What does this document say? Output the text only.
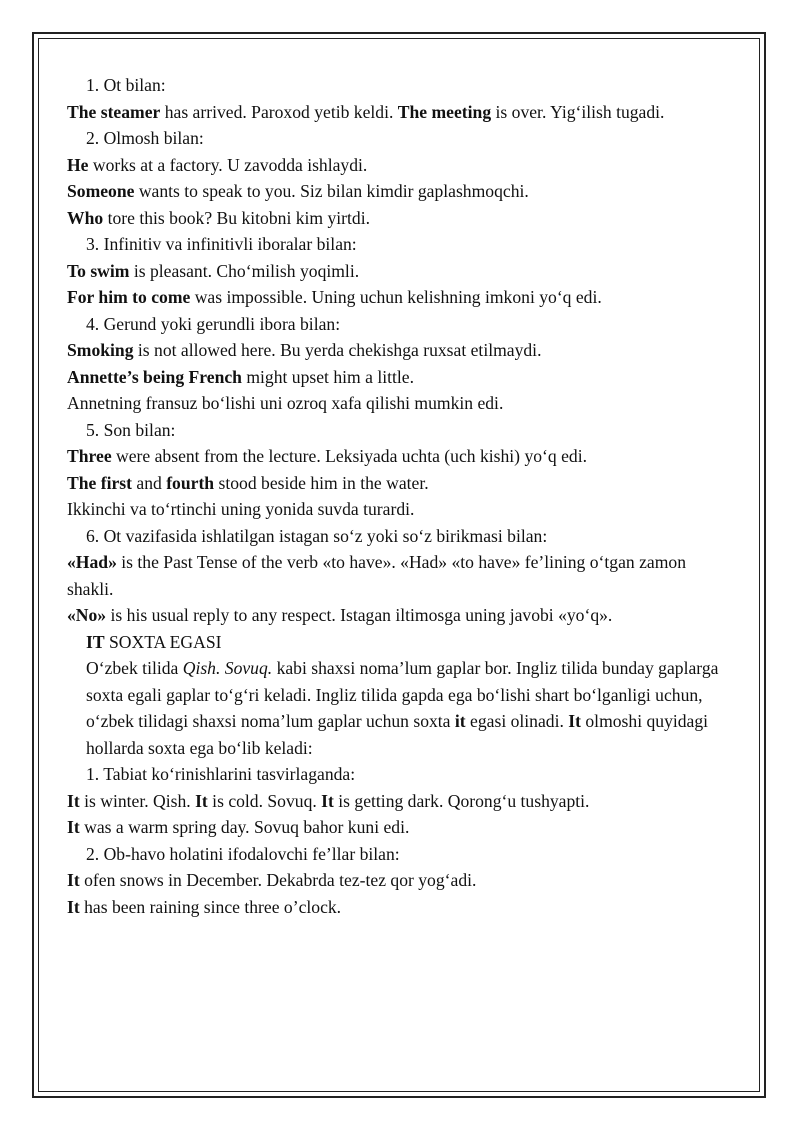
1. Ot bilan:

The steamer has arrived. Paroxod yetib keldi. The meeting is over. Yig‘ilish tugadi.

2. Olmosh bilan:

He works at a factory. U zavodda ishlaydi.

Someone wants to speak to you. Siz bilan kimdir gaplashmoqchi.

Who tore this book? Bu kitobni kim yirtdi.

3. Infinitiv va infinitivli iboralar bilan:

To swim is pleasant. Cho‘milish yoqimli.

For him to come was impossible. Uning uchun kelishning imkoni yo‘q edi.

4. Gerund yoki gerundli ibora bilan:

Smoking is not allowed here. Bu yerda chekishga ruxsat etilmaydi.

Annette’s being French might upset him a little.

Annetning fransuz bo‘lishi uni ozroq xafa qilishi mumkin edi.

5. Son bilan:

Three were absent from the lecture. Leksiyada uchta (uch kishi) yo‘q edi.

The first and fourth stood beside him in the water.

Ikkinchi va to‘rtinchi uning yonida suvda turardi.

6. Ot vazifasida ishlatilgan istagan so‘z yoki so‘z birikmasi bilan:

«Had» is the Past Tense of the verb «to have». «Had» «to have» fe’lining o‘tgan zamon shakli.

«No» is his usual reply to any respect. Istagan iltimosga uning javobi «yo‘q».

IT SOXTA EGASI

O‘zbek tilida Qish. Sovuq. kabi shaxsi noma’lum gaplar bor. Ingliz tilida bunday gaplarga soxta egali gaplar to‘g‘ri keladi. Ingliz tilida gapda ega bo‘lishi shart bo‘lganligi uchun, o‘zbek tilidagi shaxsi noma’lum gaplar uchun soxta it egasi olinadi. It olmoshi quyidagi hollarda soxta ega bo‘lib keladi:

1. Tabiat ko‘rinishlarini tasvirlaganda:

It is winter. Qish. It is cold. Sovuq. It is getting dark. Qorong‘u tushyapti.

It was a warm spring day. Sovuq bahor kuni edi.

2. Ob-havo holatini ifodalovchi fe’llar bilan:

It ofen snows in December. Dekabrda tez-tez qor yog‘adi.

It has been raining since three o’clock.
